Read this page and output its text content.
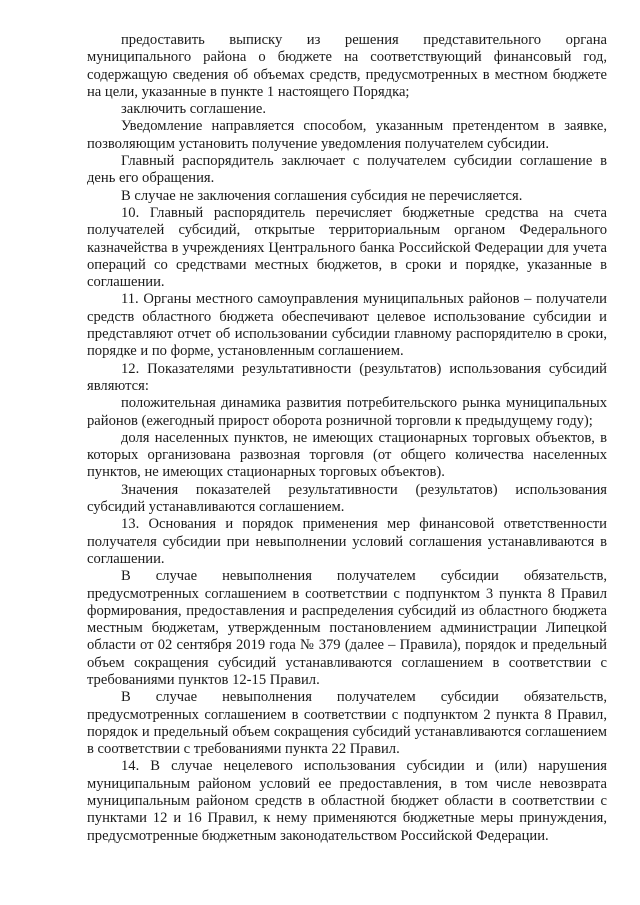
предоставить выписку из решения представительного органа муниципального района о бюджете на соответствующий финансовый год, содержащую сведения об объемах средств, предусмотренных в местном бюджете на цели, указанные в пункте 1 настоящего Порядка;

заключить соглашение.

Уведомление направляется способом, указанным претендентом в заявке, позволяющим установить получение уведомления получателем субсидии.

Главный распорядитель заключает с получателем субсидии соглашение в день его обращения.

В случае не заключения соглашения субсидия не перечисляется.

10. Главный распорядитель перечисляет бюджетные средства на счета получателей субсидий, открытые территориальным органом Федерального казначейства в учреждениях Центрального банка Российской Федерации для учета операций со средствами местных бюджетов, в сроки и порядке, указанные в соглашении.

11. Органы местного самоуправления муниципальных районов – получатели средств областного бюджета обеспечивают целевое использование субсидии и представляют отчет об использовании субсидии главному распорядителю в сроки, порядке и по форме, установленным соглашением.

12. Показателями результативности (результатов) использования субсидий являются:

положительная динамика развития потребительского рынка муниципальных районов (ежегодный прирост оборота розничной торговли к предыдущему году);

доля населенных пунктов, не имеющих стационарных торговых объектов, в которых организована развозная торговля (от общего количества населенных пунктов, не имеющих стационарных торговых объектов).

Значения показателей результативности (результатов) использования субсидий устанавливаются соглашением.

13. Основания и порядок применения мер финансовой ответственности получателя субсидии при невыполнении условий соглашения устанавливаются в соглашении.

В случае невыполнения получателем субсидии обязательств, предусмотренных соглашением в соответствии с подпунктом 3 пункта 8 Правил формирования, предоставления и распределения субсидий из областного бюджета местным бюджетам, утвержденным постановлением администрации Липецкой области от 02 сентября 2019 года № 379 (далее – Правила), порядок и предельный объем сокращения субсидий устанавливаются соглашением в соответствии с требованиями пунктов 12-15 Правил.

В случае невыполнения получателем субсидии обязательств, предусмотренных соглашением в соответствии с подпунктом 2 пункта 8 Правил, порядок и предельный объем сокращения субсидий устанавливаются соглашением в соответствии с требованиями пункта 22 Правил.

14. В случае нецелевого использования субсидии и (или) нарушения муниципальным районом условий ее предоставления, в том числе невозврата муниципальным районом средств в областной бюджет области в соответствии с пунктами 12 и 16 Правил, к нему применяются бюджетные меры принуждения, предусмотренные бюджетным законодательством Российской Федерации.
